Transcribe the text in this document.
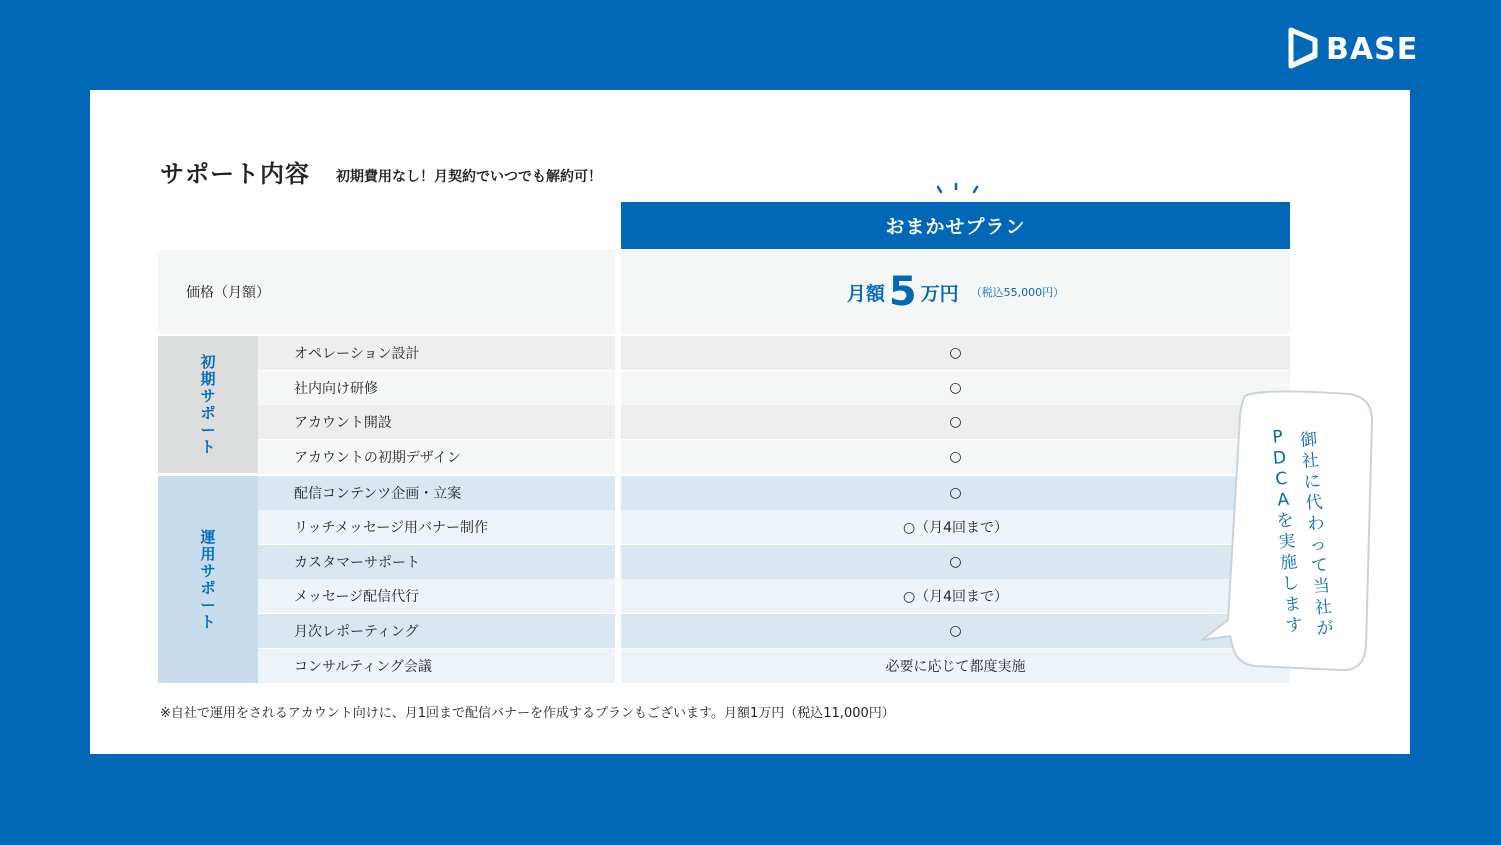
BASE
サポート内容 初期費用なし！月契約でいつでも解約可！
おまかせプラン
価格（月額）	月額 5 万円 （税込55,000円）
初期サポート
運用サポート
オペレーション設計	○
社内向け研修	○
アカウント開設	○
アカウントの初期デザイン	○
配信コンテンツ企画・立案	○
リッチメッセージ用バナー制作	○（月4回まで）
カスタマーサポート	○
メッセージ配信代行	○（月4回まで）
月次レポーティング	○
コンサルティング会議	必要に応じて都度実施
※自社で運用をされるアカウント向けに、月1回まで配信バナーを作成するプランもございます。月額1万円（税込11,000円）
御社に代わって当社が
PDCAを実施します
